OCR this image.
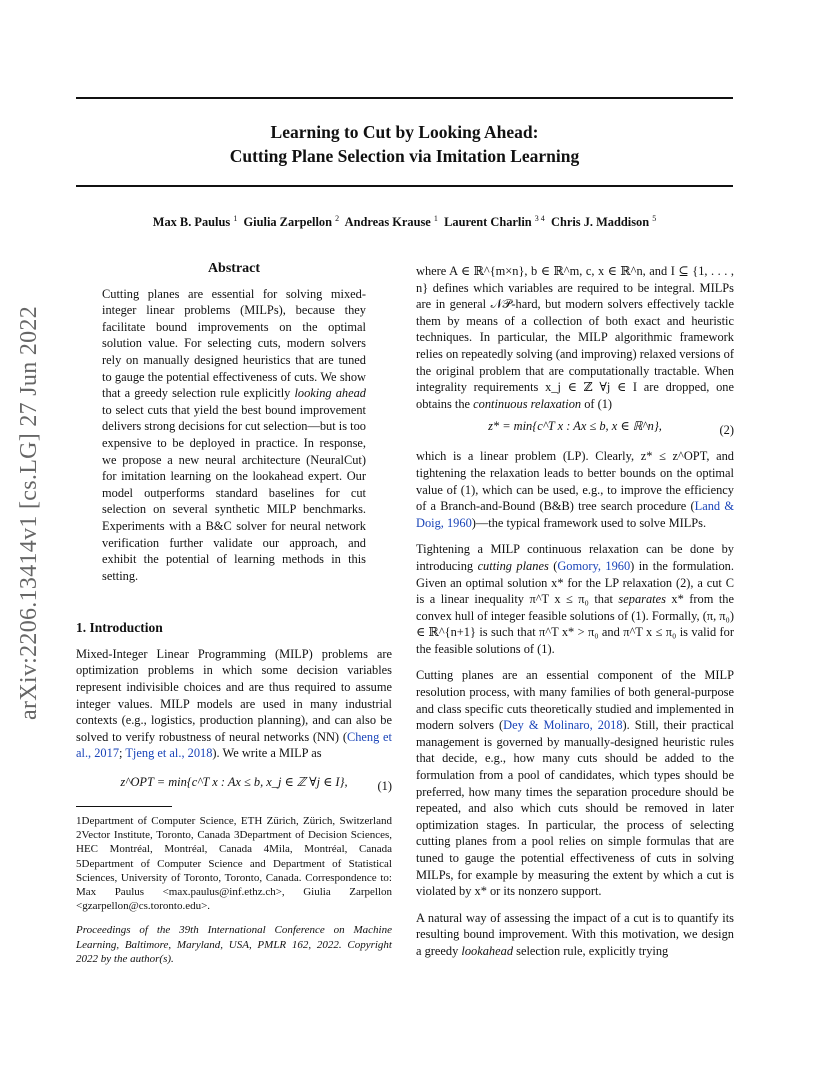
arXiv:2206.13414v1 [cs.LG] 27 Jun 2022
Learning to Cut by Looking Ahead:
Cutting Plane Selection via Imitation Learning
Max B. Paulus $^1$ Giulia Zarpellon $^2$ Andreas Krause $^1$ Laurent Charlin $^{3 4}$ Chris J. Maddison $^5$
Abstract

Cutting planes are essential for solving mixed-integer linear problems (MILPs), because they facilitate bound improvements on the optimal solution value. For selecting cuts, modern solvers rely on manually designed heuristics that are tuned to gauge the potential effectiveness of cuts. We show that a greedy selection rule explicitly looking ahead to select cuts that yield the best bound improvement delivers strong decisions for cut selection—but is too expensive to be deployed in practice. In response, we propose a new neural architecture (NeuralCut) for imitation learning on the lookahead expert. Our model outperforms standard baselines for cut selection on several synthetic MILP benchmarks. Experiments with a B&C solver for neural network verification further validate our approach, and exhibit the potential of learning methods in this setting.

1. Introduction

Mixed-Integer Linear Programming (MILP) problems are optimization problems in which some decision variables represent indivisible choices and are thus required to assume integer values. MILP models are used in many industrial contexts (e.g., logistics, production planning), and can also be solved to verify robustness of neural networks (NN) (Cheng et al., 2017; Tjeng et al., 2018). We write a MILP as

z^OPT = min{c^T x : Ax ≤ b, x_j ∈ ℤ ∀j ∈ I}, (1)

1Department of Computer Science, ETH Zürich, Zürich, Switzerland 2Vector Institute, Toronto, Canada 3Department of Decision Sciences, HEC Montréal, Montréal, Canada 4Mila, Montréal, Canada 5Department of Computer Science and Department of Statistical Sciences, University of Toronto, Toronto, Canada. Correspondence to: Max Paulus <max.paulus@inf.ethz.ch>, Giulia Zarpellon <gzarpellon@cs.toronto.edu>.

Proceedings of the 39th International Conference on Machine Learning, Baltimore, Maryland, USA, PMLR 162, 2022. Copyright 2022 by the author(s).

where A ∈ ℝ^{m×n}, b ∈ ℝ^m, c, x ∈ ℝ^n, and I ⊆ {1, . . . , n} defines which variables are required to be integral. MILPs are in general 𝒩𝒫-hard, but modern solvers effectively tackle them by means of a collection of both exact and heuristic techniques. In particular, the MILP algorithmic framework relies on repeatedly solving (and improving) relaxed versions of the original problem that are computationally tractable. When integrality requirements x_j ∈ ℤ ∀j ∈ I are dropped, one obtains the continuous relaxation of (1)

z* = min{c^T x : Ax ≤ b, x ∈ ℝ^n},	(2)

which is a linear problem (LP). Clearly, z* ≤ z^OPT, and tightening the relaxation leads to better bounds on the optimal value of (1), which can be used, e.g., to improve the efficiency of a Branch-and-Bound (B&B) tree search procedure (Land & Doig, 1960)—the typical framework used to solve MILPs.

Tightening a MILP continuous relaxation can be done by introducing cutting planes (Gomory, 1960) in the formulation. Given an optimal solution x* for the LP relaxation (2), a cut C is a linear inequality π^T x ≤ π₀ that separates x* from the convex hull of integer feasible solutions of (1). Formally, (π, π₀) ∈ ℝ^{n+1} is such that π^T x* > π₀ and π^T x ≤ π₀ is valid for the feasible solutions of (1).

Cutting planes are an essential component of the MILP resolution process, with many families of both general-purpose and class specific cuts theoretically studied and implemented in modern solvers (Dey & Molinaro, 2018). Still, their practical management is governed by manually-designed heuristic rules that decide, e.g., how many cuts should be added to the formulation from a pool of candidates, which types should be preferred, how many times the separation procedure should be repeated, and also which cuts should be removed in later optimization stages. In particular, the process of selecting cutting planes from a pool relies on simple formulas that are tuned to gauge the potential effectiveness of cuts in solving MILPs, for example by measuring the extent by which a cut is violated by x* or its nonzero support.

A natural way of assessing the impact of a cut is to quantify its resulting bound improvement. With this motivation, we design a greedy lookahead selection rule, explicitly trying
